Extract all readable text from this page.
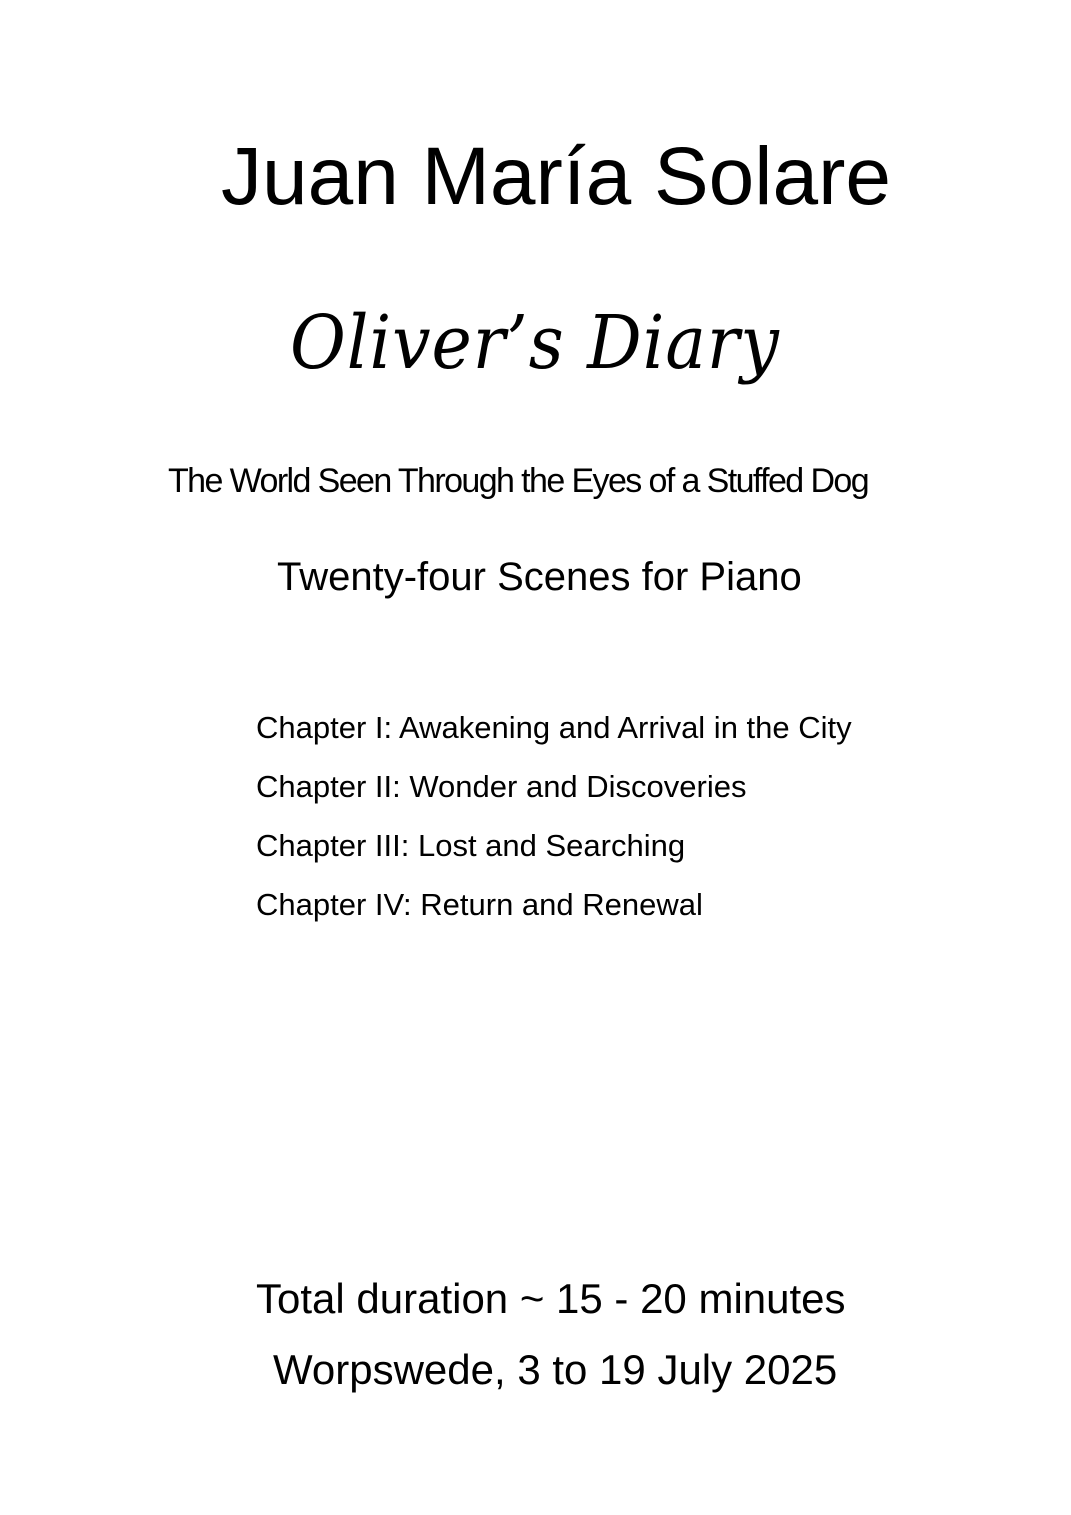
Juan María Solare
Oliver’s Diary
The World Seen Through the Eyes of a Stuffed Dog
Twenty-four Scenes for Piano
Chapter I: Awakening and Arrival in the City
Chapter II: Wonder and Discoveries
Chapter III: Lost and Searching
Chapter IV: Return and Renewal
Total duration ~ 15 - 20 minutes
Worpswede, 3 to 19 July 2025
